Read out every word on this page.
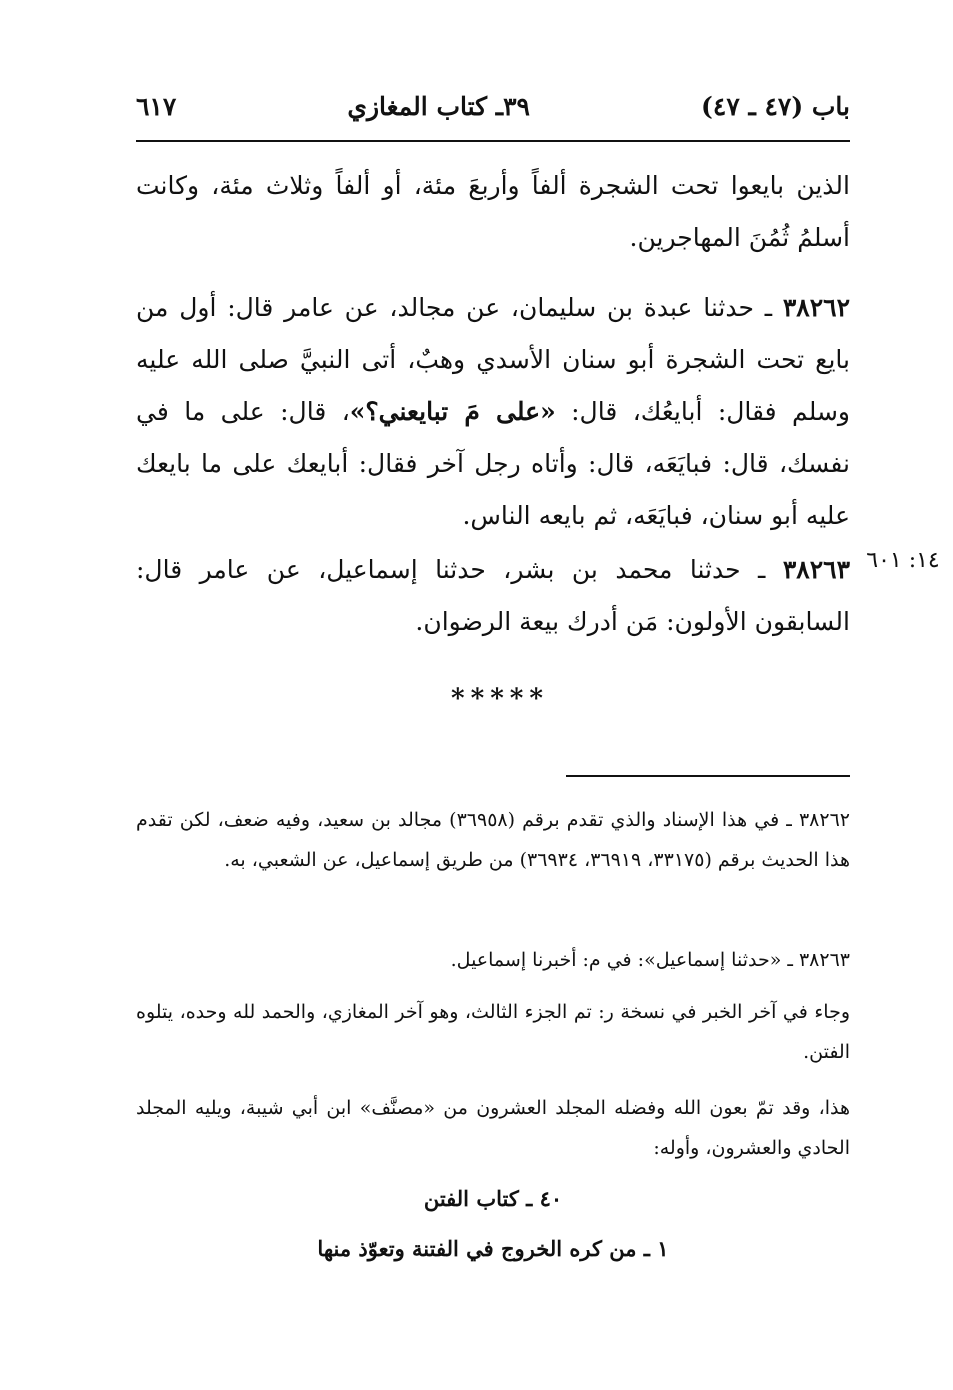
باب (٤٧ ـ ٤٧)
٣٩ـ كتاب المغازي
٦١٧

الذين بايعوا تحت الشجرة ألفاً وأربعَ مئة، أو ألفاً وثلاث مئة، وكانت أسلمُ ثُمُنَ المهاجرين.

٣٨٢٦٢ ـ حدثنا عبدة بن سليمان، عن مجالد، عن عامر قال: أول من بايع تحت الشجرة أبو سنان الأسدي وهبٌ، أتى النبيَّ صلى الله عليه وسلم فقال: أبايعُك، قال: «على مَ تبايعني؟»، قال: على ما في نفسك، قال: فبايَعَه، قال: وأتاه رجل آخر فقال: أبايعك على ما بايعك عليه أبو سنان، فبايَعَه، ثم بايعه الناس.

١٤: ٦٠١

٣٨٢٦٣ ـ حدثنا محمد بن بشر، حدثنا إسماعيل، عن عامر قال: السابقون الأولون: مَن أدرك بيعة الرضوان.

*****

٣٨٢٦٢ ـ في هذا الإسناد والذي تقدم برقم (٣٦٩٥٨) مجالد بن سعيد، وفيه ضعف، لكن تقدم هذا الحديث برقم (٣٣١٧٥، ٣٦٩١٩، ٣٦٩٣٤) من طريق إسماعيل، عن الشعبي، به.

٣٨٢٦٣ ـ «حدثنا إسماعيل»: في م: أخبرنا إسماعيل.

وجاء في آخر الخبر في نسخة ر: تم الجزء الثالث، وهو آخر المغازي، والحمد لله وحده، يتلوه الفتن.

هذا، وقد تمّ بعون الله وفضله المجلد العشرون من «مصنَّف» ابن أبي شيبة، ويليه المجلد الحادي والعشرون، وأوله:

٤٠ ـ كتاب الفتن
١ ـ من كره الخروج في الفتنة وتعوّذ منها
